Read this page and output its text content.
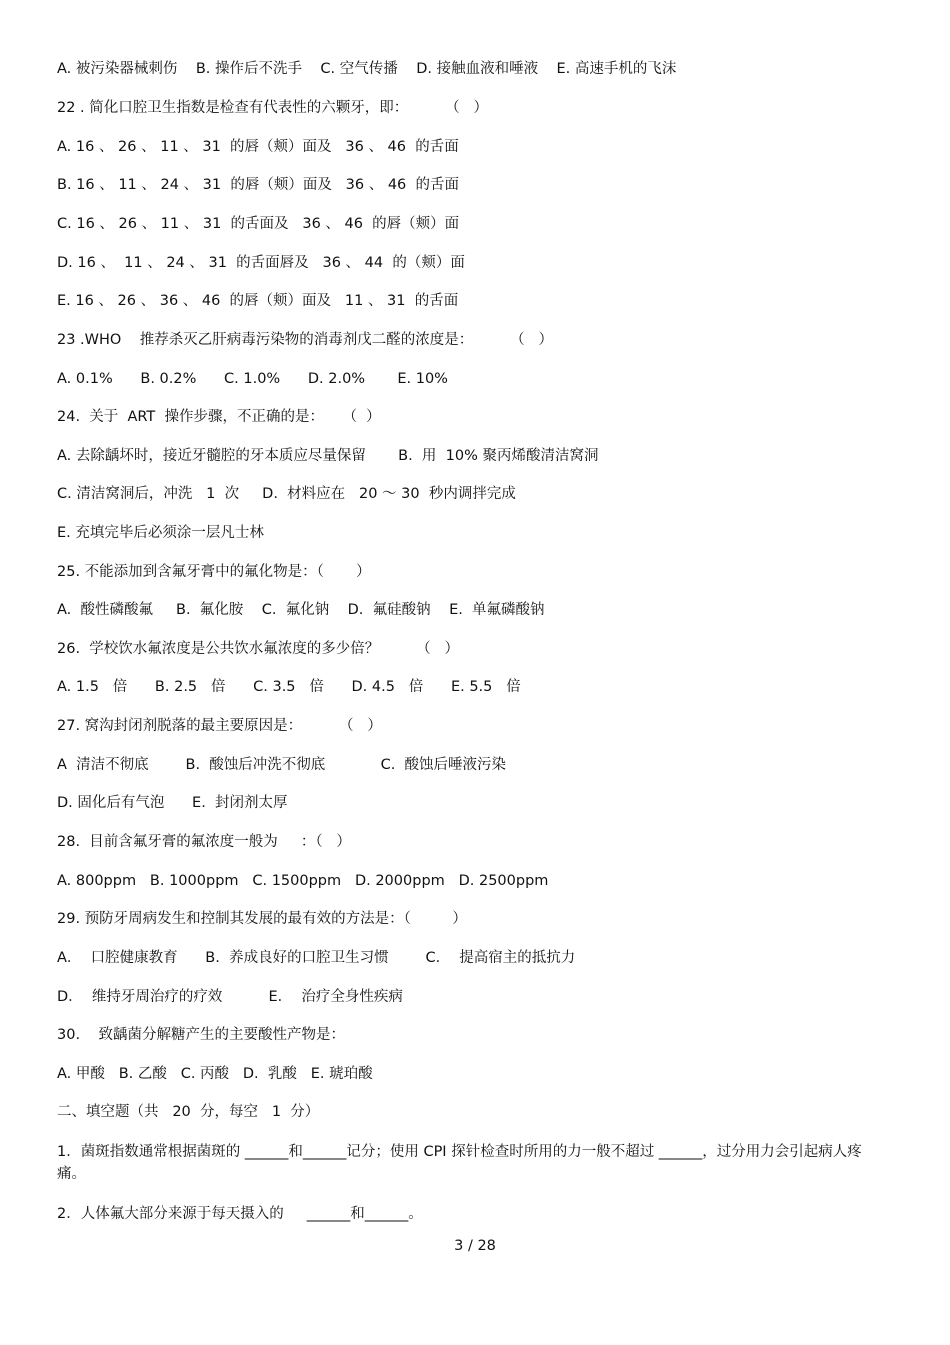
A. 被污染器械刺伤    B. 操作后不洗手    C. 空气传播    D. 接触血液和唾液    E. 高速手机的飞沫
22 . 简化口腔卫生指数是检查有代表性的六颗牙，即：        （   ）
A. 16 、 26 、 11 、 31  的唇（颊）面及   36 、 46  的舌面
B. 16 、 11 、 24 、 31  的唇（颊）面及   36 、 46  的舌面
C. 16 、 26 、 11 、 31  的舌面及   36 、 46  的唇（颊）面
D. 16 、  11 、 24 、 31  的舌面唇及   36 、 44  的（颊）面
E. 16 、 26 、 36 、 46  的唇（颊）面及   11 、 31  的舌面
23 .WHO    推荐杀灭乙肝病毒污染物的消毒剂戊二醛的浓度是：        （   ）
A. 0.1%      B. 0.2%      C. 1.0%      D. 2.0%       E. 10%
24.  关于  ART  操作步骤，不正确的是：    （  ）
A. 去除龋坏时，接近牙髓腔的牙本质应尽量保留       B.  用  10% 聚丙烯酸清洁窝洞
C. 清洁窝洞后，冲洗   1  次     D.  材料应在   20 ～ 30  秒内调拌完成
E. 充填完毕后必须涂一层凡士林
25. 不能添加到含氟牙膏中的氟化物是：（       ）
A.  酸性磷酸氟     B.  氟化胺    C.  氟化钠    D.  氟硅酸钠    E.  单氟磷酸钠
26.  学校饮水氟浓度是公共饮水氟浓度的多少倍？        （   ）
A. 1.5   倍      B. 2.5   倍      C. 3.5   倍      D. 4.5   倍      E. 5.5   倍
27. 窝沟封闭剂脱落的最主要原因是：        （   ）
A  清洁不彻底        B.  酸蚀后冲洗不彻底            C.  酸蚀后唾液污染
D. 固化后有气泡      E.  封闭剂太厚
28.  目前含氟牙膏的氟浓度一般为     ：（   ）
A. 800ppm   B. 1000ppm   C. 1500ppm   D. 2000ppm   D. 2500ppm
29. 预防牙周病发生和控制其发展的最有效的方法是：（         ）
A．  口腔健康教育      B.  养成良好的口腔卫生习惯        C．  提高宿主的抵抗力
D．  维持牙周治疗的疗效          E．  治疗全身性疾病
30.    致龋菌分解糖产生的主要酸性产物是：
A. 甲酸   B. 乙酸   C. 丙酸   D.  乳酸   E. 琥珀酸
二、填空题（共   20  分，每空   1  分）
1．菌斑指数通常根据菌斑的 ______和______记分；使用 CPI 探针检查时所用的力一般不超过 ______，过分用力会引起病人疼痛。
2．人体氟大部分来源于每天摄入的     ______和______。
3 / 28
